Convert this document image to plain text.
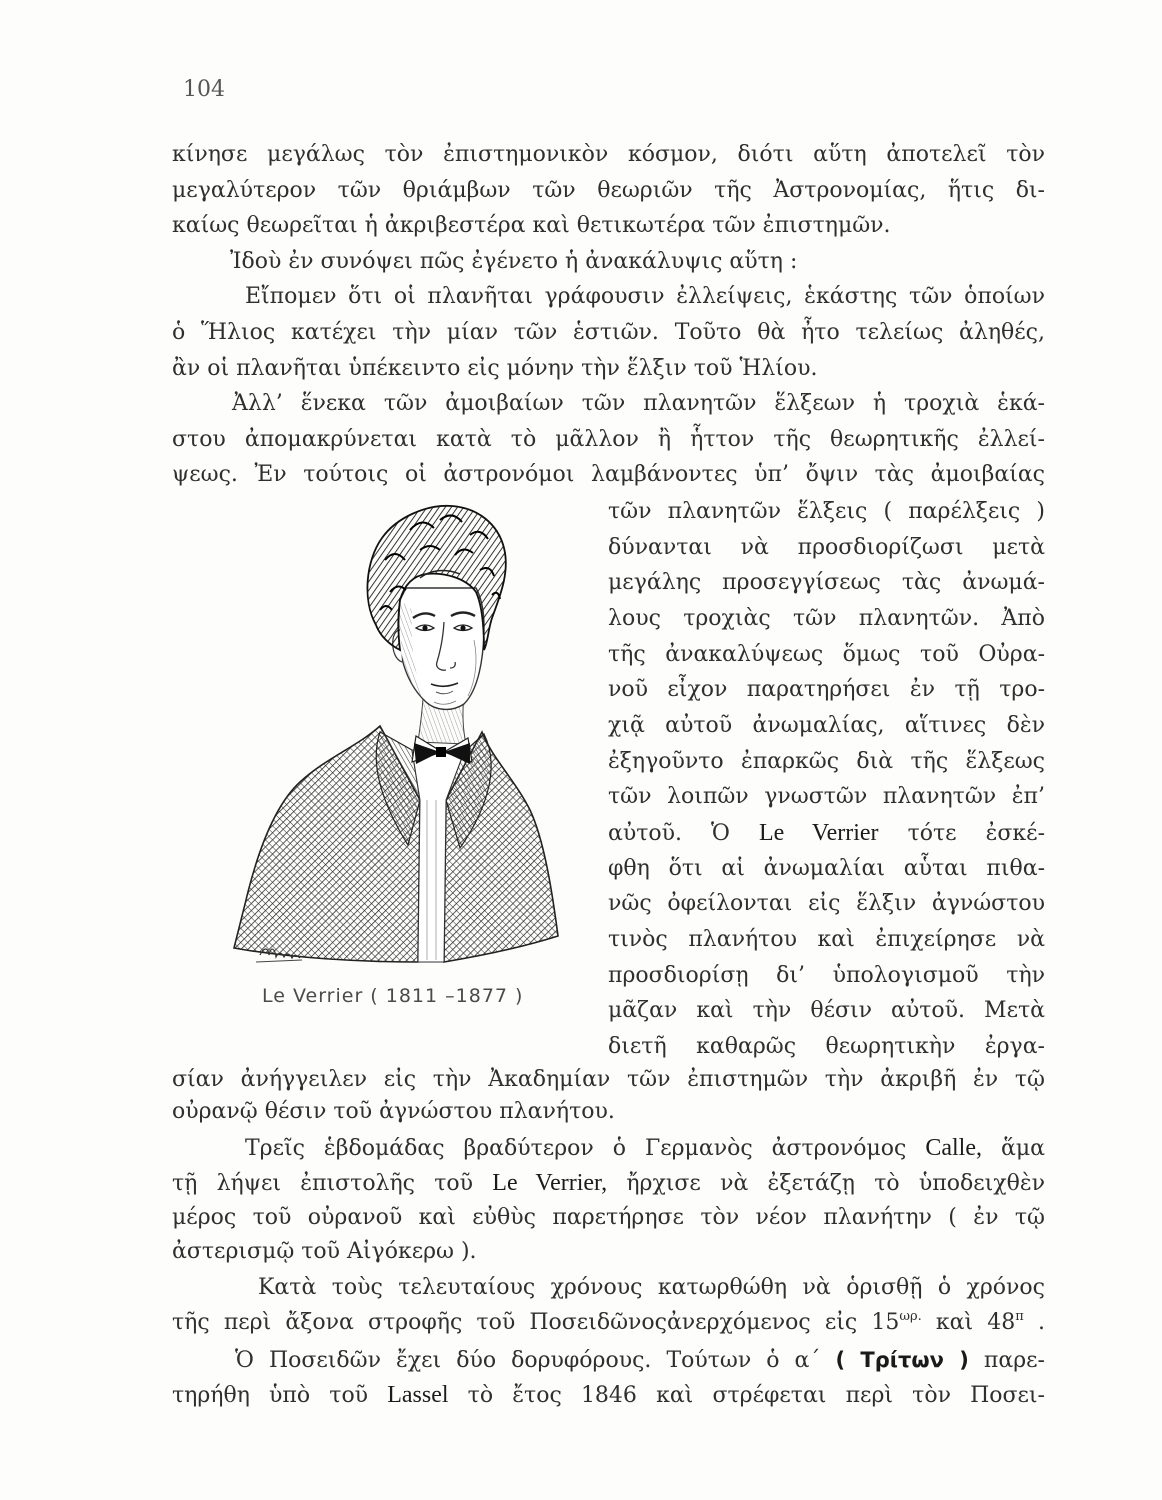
104
κίνησε μεγάλως τὸν ἐπιστημονικὸν κόσμον, διότι αὕτη ἀποτελεῖ τὸν
μεγαλύτερον τῶν θριάμβων τῶν θεωριῶν τῆς Ἀστρονομίας, ἥτις δι-
καίως θεωρεῖται ἡ ἀκριβεστέρα καὶ θετικωτέρα τῶν ἐπιστημῶν.
Ἰδοὺ ἐν συνόψει πῶς ἐγένετο ἡ ἀνακάλυψις αὕτη :
Εἴπομεν ὅτι οἱ πλανῆται γράφουσιν ἐλλείψεις, ἑκάστης τῶν ὁποίων
ὁ Ἥλιος κατέχει τὴν μίαν τῶν ἑστιῶν. Τοῦτο θὰ ἦτο τελείως ἀληθές,
ἂν οἱ πλανῆται ὑπέκειντο εἰς μόνην τὴν ἕλξιν τοῦ Ἡλίου.
Ἀλλ’ ἕνεκα τῶν ἀμοιβαίων τῶν πλανητῶν ἕλξεων ἡ τροχιὰ ἑκά-
στου ἀπομακρύνεται κατὰ τὸ μᾶλλον ἢ ἧττον τῆς θεωρητικῆς ἐλλεί-
ψεως. Ἐν τούτοις οἱ ἀστρονόμοι λαμβάνοντες ὑπ’ ὄψιν τὰς ἀμοιβαίας
τῶν πλανητῶν ἕλξεις ( παρέλξεις )
δύνανται νὰ προσδιορίζωσι μετὰ
μεγάλης προσεγγίσεως τὰς ἀνωμά-
λους τροχιὰς τῶν πλανητῶν. Ἀπὸ
τῆς ἀνακαλύψεως ὅμως τοῦ Οὐρα-
νοῦ εἶχον παρατηρήσει ἐν τῇ τρο-
χιᾷ αὐτοῦ ἀνωμαλίας, αἵτινες δὲν
ἐξηγοῦντο ἐπαρκῶς διὰ τῆς ἕλξεως
τῶν λοιπῶν γνωστῶν πλανητῶν ἐπ’
αὐτοῦ. Ὁ Le Verrier τότε ἐσκέ-
φθη ὅτι αἱ ἀνωμαλίαι αὗται πιθα-
νῶς ὀφείλονται εἰς ἕλξιν ἀγνώστου
τινὸς πλανήτου καὶ ἐπιχείρησε νὰ
προσδιορίσῃ δι’ ὑπολογισμοῦ τὴν
μᾶζαν καὶ τὴν θέσιν αὐτοῦ. Μετὰ
διετῆ καθαρῶς θεωρητικὴν ἐργα-
σίαν ἀνήγγειλεν εἰς τὴν Ἀκαδημίαν τῶν ἐπιστημῶν τὴν ἀκριβῆ ἐν τῷ
οὐρανῷ θέσιν τοῦ ἀγνώστου πλανήτου.
Τρεῖς ἑβδομάδας βραδύτερον ὁ Γερμανὸς ἀστρονόμος Calle, ἅμα
τῇ λήψει ἐπιστολῆς τοῦ Le Verrier, ἤρχισε νὰ ἐξετάζῃ τὸ ὑποδειχθὲν
μέρος τοῦ οὐρανοῦ καὶ εὐθὺς παρετήρησε τὸν νέον πλανήτην ( ἐν τῷ
ἀστερισμῷ τοῦ Αἰγόκερω ).
Κατὰ τοὺς τελευταίους χρόνους κατωρθώθη νὰ ὁρισθῇ ὁ χρόνος
τῆς περὶ ἄξονα στροφῆς τοῦ Ποσειδῶνοςἀνερχόμενος εἰς $15^{\omega\rho.}$ καὶ $48^\pi$ .
Ὁ Ποσειδῶν ἔχει δύο δορυφόρους. Τούτων ὁ α΄ ( Τρίτων ) παρε-
τηρήθη ὑπὸ τοῦ Lassel τὸ ἔτος 1846 καὶ στρέφεται περὶ τὸν Ποσει-
Le Verrier ( 1811 –1877 )
